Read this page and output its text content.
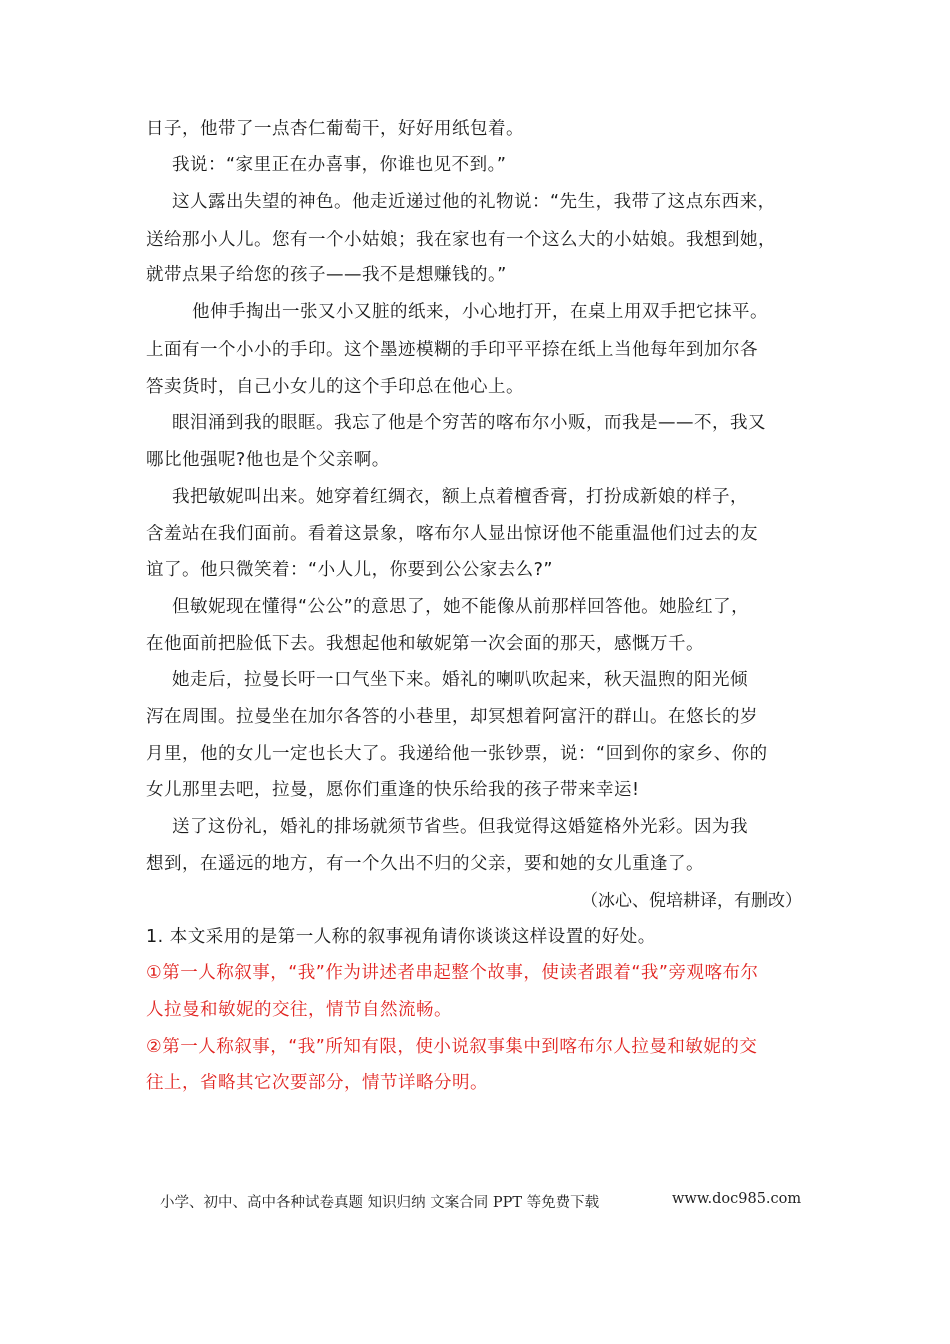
日子，他带了一点杏仁葡萄干，好好用纸包着。
我说：“家里正在办喜事，你谁也见不到。”
这人露出失望的神色。他走近递过他的礼物说：“先生，我带了这点东西来，
送给那小人儿。您有一个小姑娘；我在家也有一个这么大的小姑娘。我想到她，
就带点果子给您的孩子——我不是想赚钱的。”
他伸手掏出一张又小又脏的纸来，小心地打开，在桌上用双手把它抹平。
上面有一个小小的手印。这个墨迹模糊的手印平平捺在纸上当他每年到加尔各
答卖货时，自己小女儿的这个手印总在他心上。
眼泪涌到我的眼眶。我忘了他是个穷苦的喀布尔小贩，而我是——不，我又
哪比他强呢?他也是个父亲啊。
我把敏妮叫出来。她穿着红绸衣，额上点着檀香膏，打扮成新娘的样子，
含羞站在我们面前。看着这景象，喀布尔人显出惊讶他不能重温他们过去的友
谊了。他只微笑着：“小人儿，你要到公公家去么?”
但敏妮现在懂得“公公”的意思了，她不能像从前那样回答他。她脸红了，
在他面前把脸低下去。我想起他和敏妮第一次会面的那天，感慨万千。
她走后，拉曼长吁一口气坐下来。婚礼的喇叭吹起来，秋天温煦的阳光倾
泻在周围。拉曼坐在加尔各答的小巷里，却冥想着阿富汗的群山。在悠长的岁
月里，他的女儿一定也长大了。我递给他一张钞票，说：“回到你的家乡、你的
女儿那里去吧，拉曼，愿你们重逢的快乐给我的孩子带来幸运!
送了这份礼，婚礼的排场就须节省些。但我觉得这婚筵格外光彩。因为我
想到，在遥远的地方，有一个久出不归的父亲，要和她的女儿重逢了。
（冰心、倪培耕译，有删改）
1. 本文采用的是第一人称的叙事视角请你谈谈这样设置的好处。
①第一人称叙事，“我”作为讲述者串起整个故事，使读者跟着“我”旁观喀布尔
人拉曼和敏妮的交往，情节自然流畅。
②第一人称叙事，“我”所知有限，使小说叙事集中到喀布尔人拉曼和敏妮的交
往上，省略其它次要部分，情节详略分明。
小学、初中、高中各种试卷真题 知识归纳 文案合同 PPT 等免费下载	www.doc985.com
